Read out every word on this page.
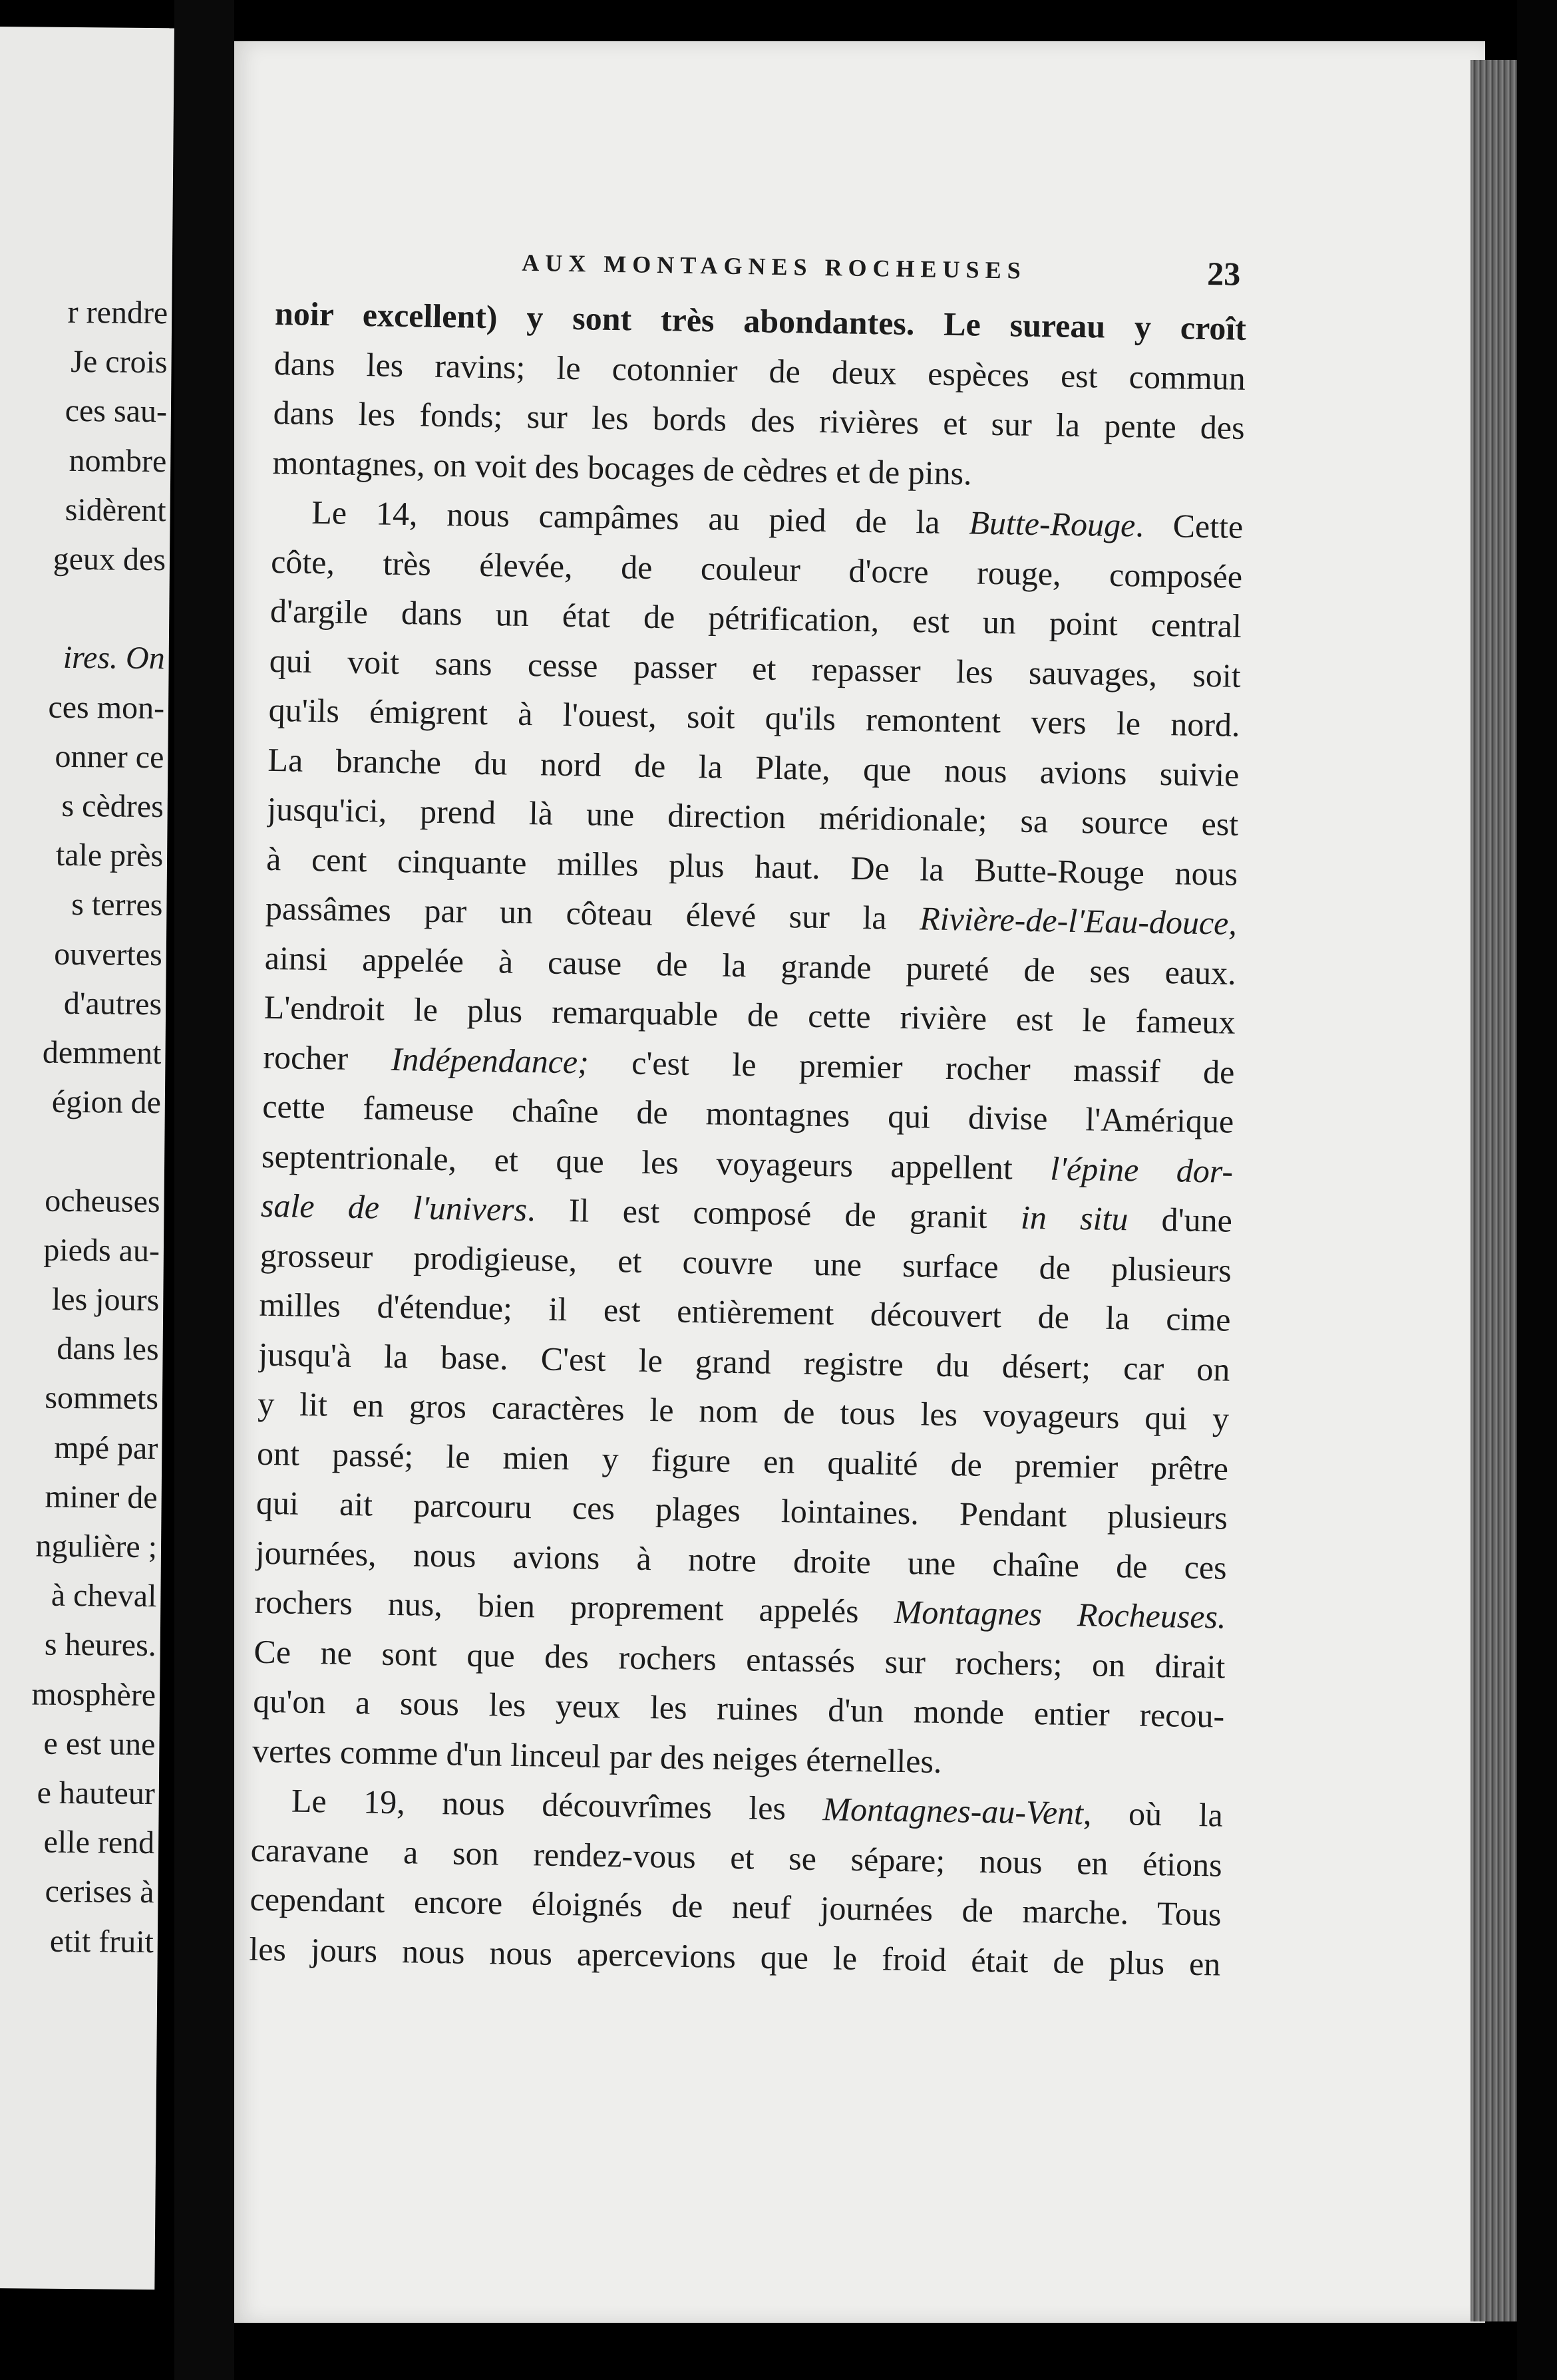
r rendre
Je crois
ces sau-
nombre
sidèrent
geux des
ires. On
ces mon-
onner ce
s cèdres
tale près
s terres
ouvertes
d'autres
demment
égion de
ocheuses
pieds au-
les jours
dans les
sommets
mpé par
miner de
ngulière ;
à cheval
s heures.
mosphère
e est une
e hauteur
elle rend
cerises à
etit fruit
AUX MONTAGNES ROCHEUSES	23
noir excellent) y sont très abondantes. Le sureau y croît
dans les ravins; le cotonnier de deux espèces est commun
dans les fonds; sur les bords des rivières et sur la pente des
montagnes, on voit des bocages de cèdres et de pins.
Le 14, nous campâmes au pied de la Butte-Rouge. Cette
côte, très élevée, de couleur d'ocre rouge, composée
d'argile dans un état de pétrification, est un point central
qui voit sans cesse passer et repasser les sauvages, soit
qu'ils émigrent à l'ouest, soit qu'ils remontent vers le nord.
La branche du nord de la Plate, que nous avions suivie
jusqu'ici, prend là une direction méridionale; sa source est
à cent cinquante milles plus haut. De la Butte-Rouge nous
passâmes par un côteau élevé sur la Rivière-de-l'Eau-douce,
ainsi appelée à cause de la grande pureté de ses eaux.
L'endroit le plus remarquable de cette rivière est le fameux
rocher Indépendance; c'est le premier rocher massif de
cette fameuse chaîne de montagnes qui divise l'Amérique
septentrionale, et que les voyageurs appellent l'épine dor-
sale de l'univers. Il est composé de granit in situ d'une
grosseur prodigieuse, et couvre une surface de plusieurs
milles d'étendue; il est entièrement découvert de la cime
jusqu'à la base. C'est le grand registre du désert; car on
y lit en gros caractères le nom de tous les voyageurs qui y
ont passé; le mien y figure en qualité de premier prêtre
qui ait parcouru ces plages lointaines. Pendant plusieurs
journées, nous avions à notre droite une chaîne de ces
rochers nus, bien proprement appelés Montagnes Rocheuses.
Ce ne sont que des rochers entassés sur rochers; on dirait
qu'on a sous les yeux les ruines d'un monde entier recou-
vertes comme d'un linceul par des neiges éternelles.
Le 19, nous découvrîmes les Montagnes-au-Vent, où la
caravane a son rendez-vous et se sépare; nous en étions
cependant encore éloignés de neuf journées de marche. Tous
les jours nous nous apercevions que le froid était de plus en
